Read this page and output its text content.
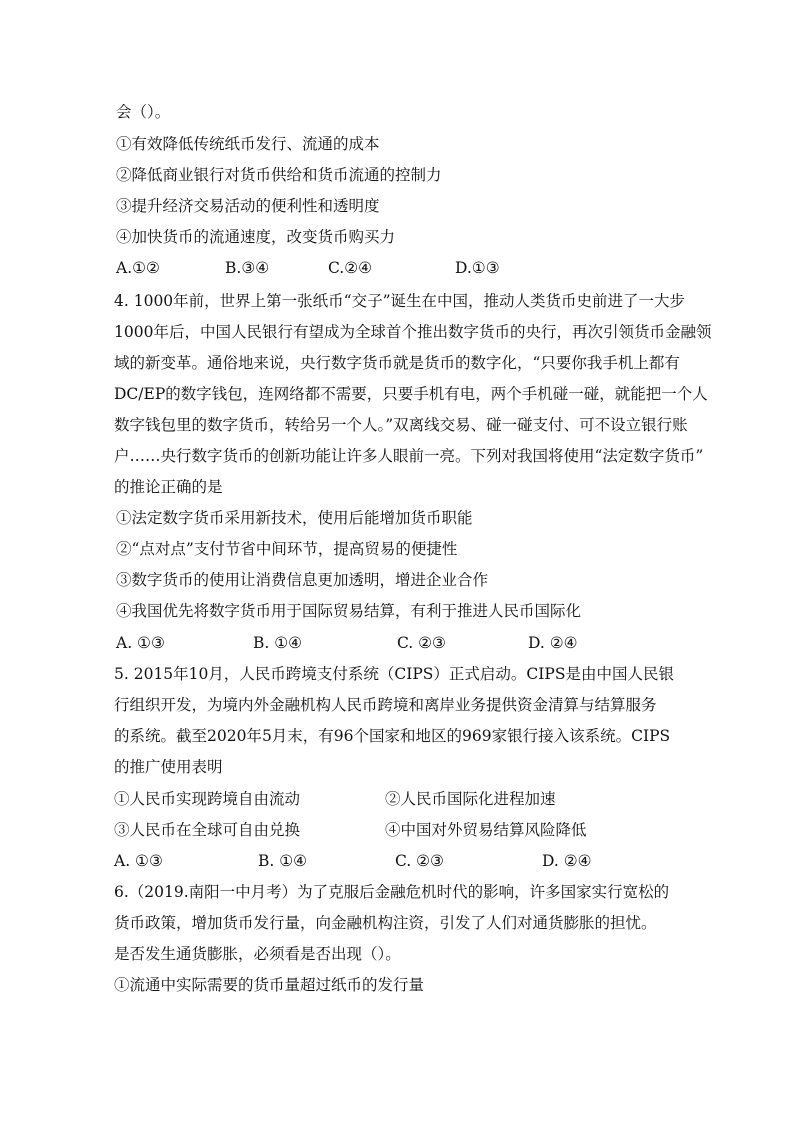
会（）。
①有效降低传统纸币发行、流通的成本
②降低商业银行对货币供给和货币流通的控制力
③提升经济交易活动的便利性和透明度
④加快货币的流通速度，改变货币购买力
A.①②	B.③④	C.②④	D.①③
4. 1000年前，世界上第一张纸币“交子”诞生在中国，推动人类货币史前进了一大步
1000年后，中国人民银行有望成为全球首个推出数字货币的央行，再次引领货币金融领
域的新变革。通俗地来说，央行数字货币就是货币的数字化，“只要你我手机上都有
DC/EP的数字钱包，连网络都不需要，只要手机有电，两个手机碰一碰，就能把一个人
数字钱包里的数字货币，转给另一个人。”双离线交易、碰一碰支付、可不设立银行账
户……央行数字货币的创新功能让许多人眼前一亮。下列对我国将使用“法定数字货币”
的推论正确的是
①法定数字货币采用新技术，使用后能增加货币职能
②“点对点”支付节省中间环节，提高贸易的便捷性
③数字货币的使用让消费信息更加透明，增进企业合作
④我国优先将数字货币用于国际贸易结算，有利于推进人民币国际化
A. ①③	B. ①④	C. ②③	D. ②④
5. 2015年10月，人民币跨境支付系统（CIPS）正式启动。CIPS是由中国人民银
行组织开发，为境内外金融机构人民币跨境和离岸业务提供资金清算与结算服务
的系统。截至2020年5月末，有96个国家和地区的969家银行接入该系统。CIPS
的推广使用表明
①人民币实现跨境自由流动	②人民币国际化进程加速
③人民币在全球可自由兑换	④中国对外贸易结算风险降低
A. ①③	B. ①④	C. ②③	D. ②④
6.（2019.南阳一中月考）为了克服后金融危机时代的影响，许多国家实行宽松的
货币政策，增加货币发行量，向金融机构注资，引发了人们对通货膨胀的担忧。
是否发生通货膨胀，必须看是否出现（）。
①流通中实际需要的货币量超过纸币的发行量
